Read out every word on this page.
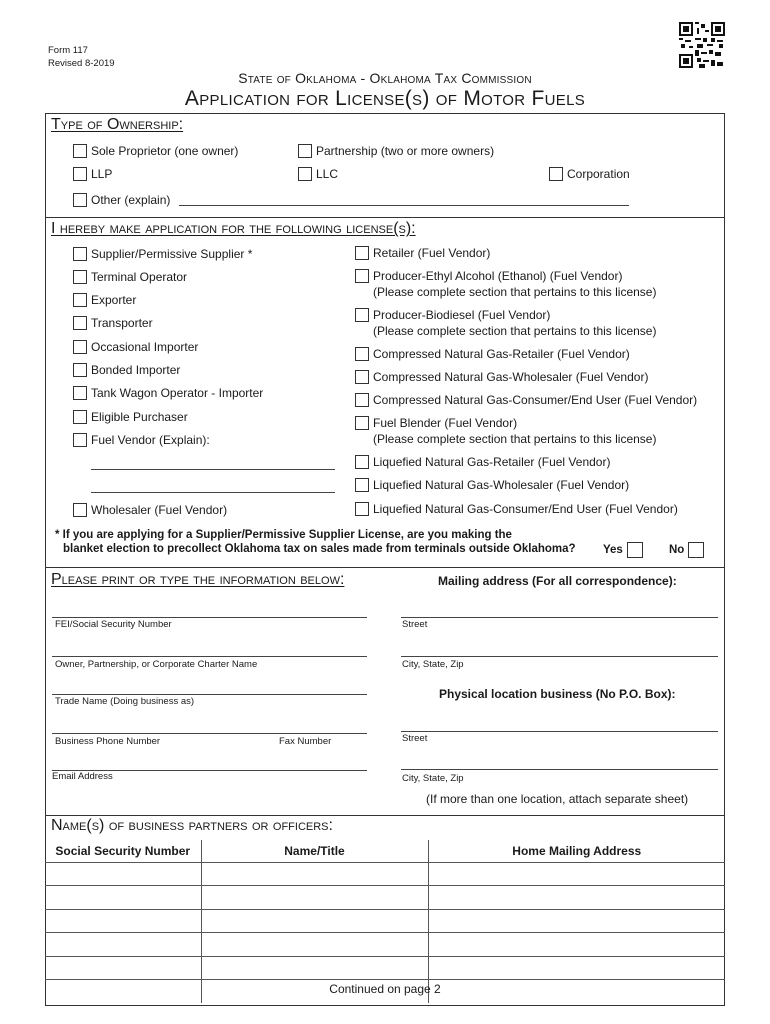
Form 117
Revised 8-2019
State of Oklahoma - Oklahoma Tax Commission
Application for License(s) of Motor Fuels
Type of Ownership:
Sole Proprietor (one owner)	Partnership (two or more owners)
LLP	LLC	Corporation
Other (explain)
I hereby make application for the following license(s):
Supplier/Permissive Supplier *
Terminal Operator
Exporter
Transporter
Occasional Importer
Bonded Importer
Tank Wagon Operator - Importer
Eligible Purchaser
Fuel Vendor (Explain):
Wholesaler (Fuel Vendor)
Retailer (Fuel Vendor)
Producer-Ethyl Alcohol (Ethanol) (Fuel Vendor)
(Please complete section that pertains to this license)
Producer-Biodiesel (Fuel Vendor)
(Please complete section that pertains to this license)
Compressed Natural Gas-Retailer (Fuel Vendor)
Compressed Natural Gas-Wholesaler (Fuel Vendor)
Compressed Natural Gas-Consumer/End User (Fuel Vendor)
Fuel Blender (Fuel Vendor)
(Please complete section that pertains to this license)
Liquefied Natural Gas-Retailer (Fuel Vendor)
Liquefied Natural Gas-Wholesaler (Fuel Vendor)
Liquefied Natural Gas-Consumer/End User (Fuel Vendor)
* If you are applying for a Supplier/Permissive Supplier License, are you making the
blanket election to precollect Oklahoma tax on sales made from terminals outside Oklahoma? Yes	No
Please print or type the information below:	Mailing address (For all correspondence):
FEI/Social Security Number
Owner, Partnership, or Corporate Charter Name
Trade Name (Doing business as)
Business Phone Number	Fax Number
Email Address
Street
City, State, Zip
Physical location business (No P.O. Box):
Street
City, State, Zip
(If more than one location, attach separate sheet)
Name(s) of business partners or officers:
Social Security Number	Name/Title	Home Mailing Address

Continued on page 2
